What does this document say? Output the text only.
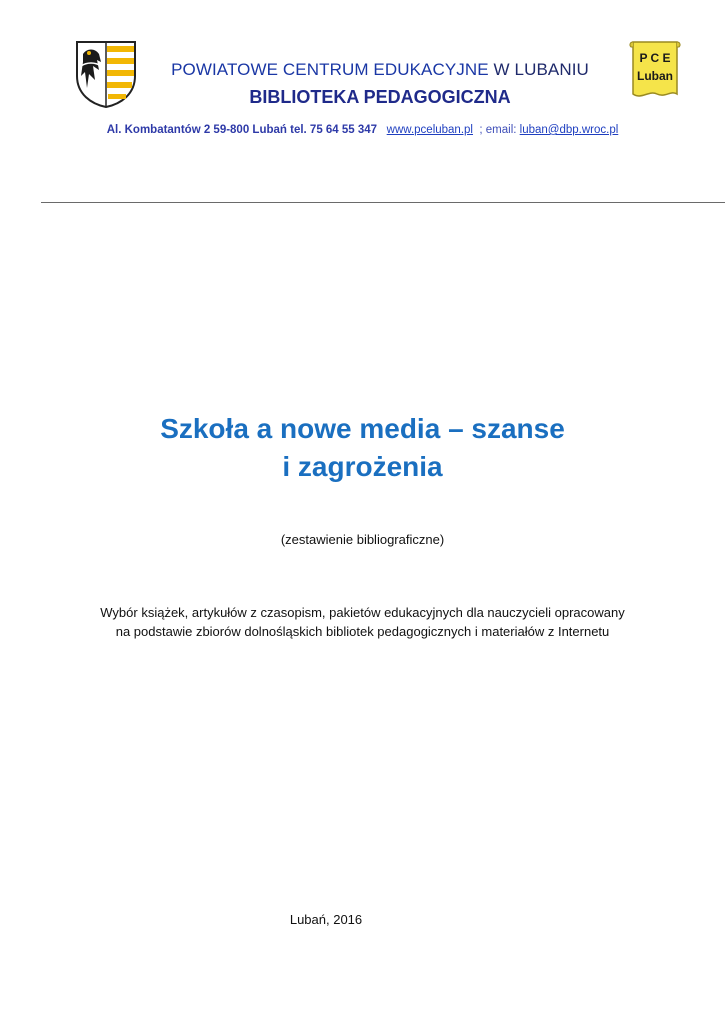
P C E
Luban
POWIATOWE CENTRUM EDUKACYJNE W LUBANIU
BIBLIOTEKA PEDAGOGICZNA
Al. Kombatantów 2 59-800 Lubań tel. 75 64 55 347 www.pceluban.pl ; email: luban@dbp.wroc.pl
Szkoła a nowe media – szanse
i zagrożenia
(zestawienie bibliograficzne)
Wybór książek, artykułów z czasopism, pakietów edukacyjnych dla nauczycieli opracowany
na podstawie zbiorów dolnośląskich bibliotek pedagogicznych i materiałów z Internetu
Lubań, 2016
